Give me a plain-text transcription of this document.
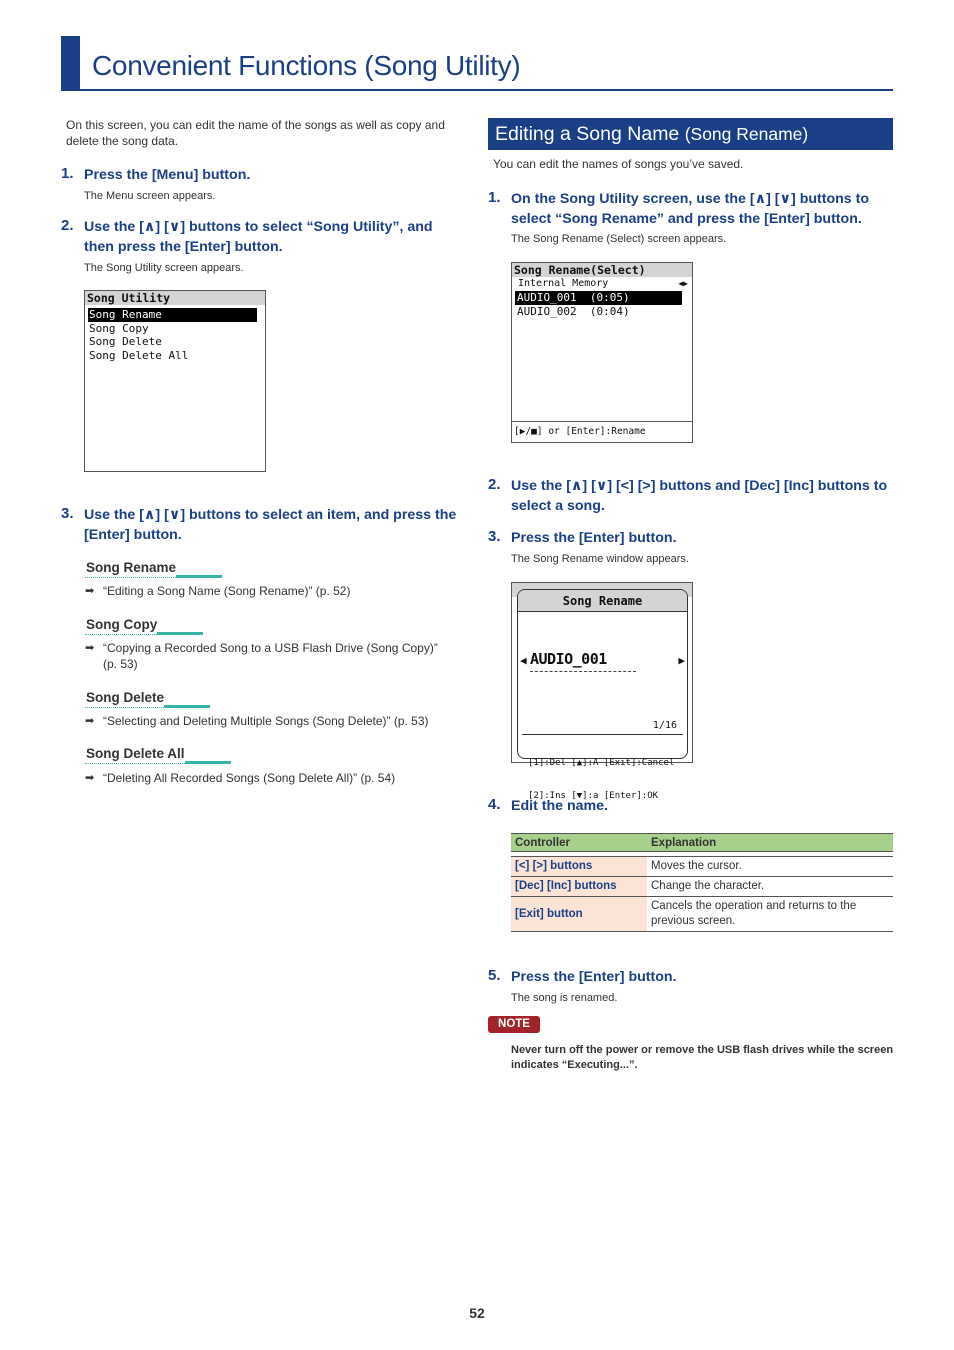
Convenient Functions (Song Utility)
On this screen, you can edit the name of the songs as well as copy and delete the song data.
1. Press the [Menu] button.
The Menu screen appears.
2. Use the [∧] [∨] buttons to select “Song Utility”, and then press the [Enter] button.
The Song Utility screen appears.
Song Utility
Song Rename
Song Copy
Song Delete
Song Delete All
3. Use the [∧] [∨] buttons to select an item, and press the [Enter] button.
Song Rename
➡ “Editing a Song Name (Song Rename)” (p. 52)
Song Copy
➡ “Copying a Recorded Song to a USB Flash Drive (Song Copy)” (p. 53)
Song Delete
➡ “Selecting and Deleting Multiple Songs (Song Delete)” (p. 53)
Song Delete All
➡ “Deleting All Recorded Songs (Song Delete All)” (p. 54)
Editing a Song Name (Song Rename)
You can edit the names of songs you’ve saved.
1. On the Song Utility screen, use the [∧] [∨] buttons to select “Song Rename” and press the [Enter] button.
The Song Rename (Select) screen appears.
Song Rename(Select)
Internal Memory	◀▶
AUDIO_001  (0:05)
AUDIO_002  (0:04)
[▶/■] or [Enter]:Rename
2. Use the [∧] [∨] [<] [>] buttons and [Dec] [Inc] buttons to select a song.
3. Press the [Enter] button.
The Song Rename window appears.
Song Rename
◀	▶
AUDIO_001
1/16

[1]:Del [▲]:A [Exit]:Cancel

[2]:Ins [▼]:a [Enter]:OK

4. Edit the name.
Controller	Explanation

[<] [>] buttons	Moves the cursor.
[Dec] [Inc] buttons	Change the character.
[Exit] button	Cancels the operation and returns to the previous screen.
5. Press the [Enter] button.
The song is renamed.
NOTE
Never turn off the power or remove the USB flash drives while the screen indicates “Executing...”.
52
